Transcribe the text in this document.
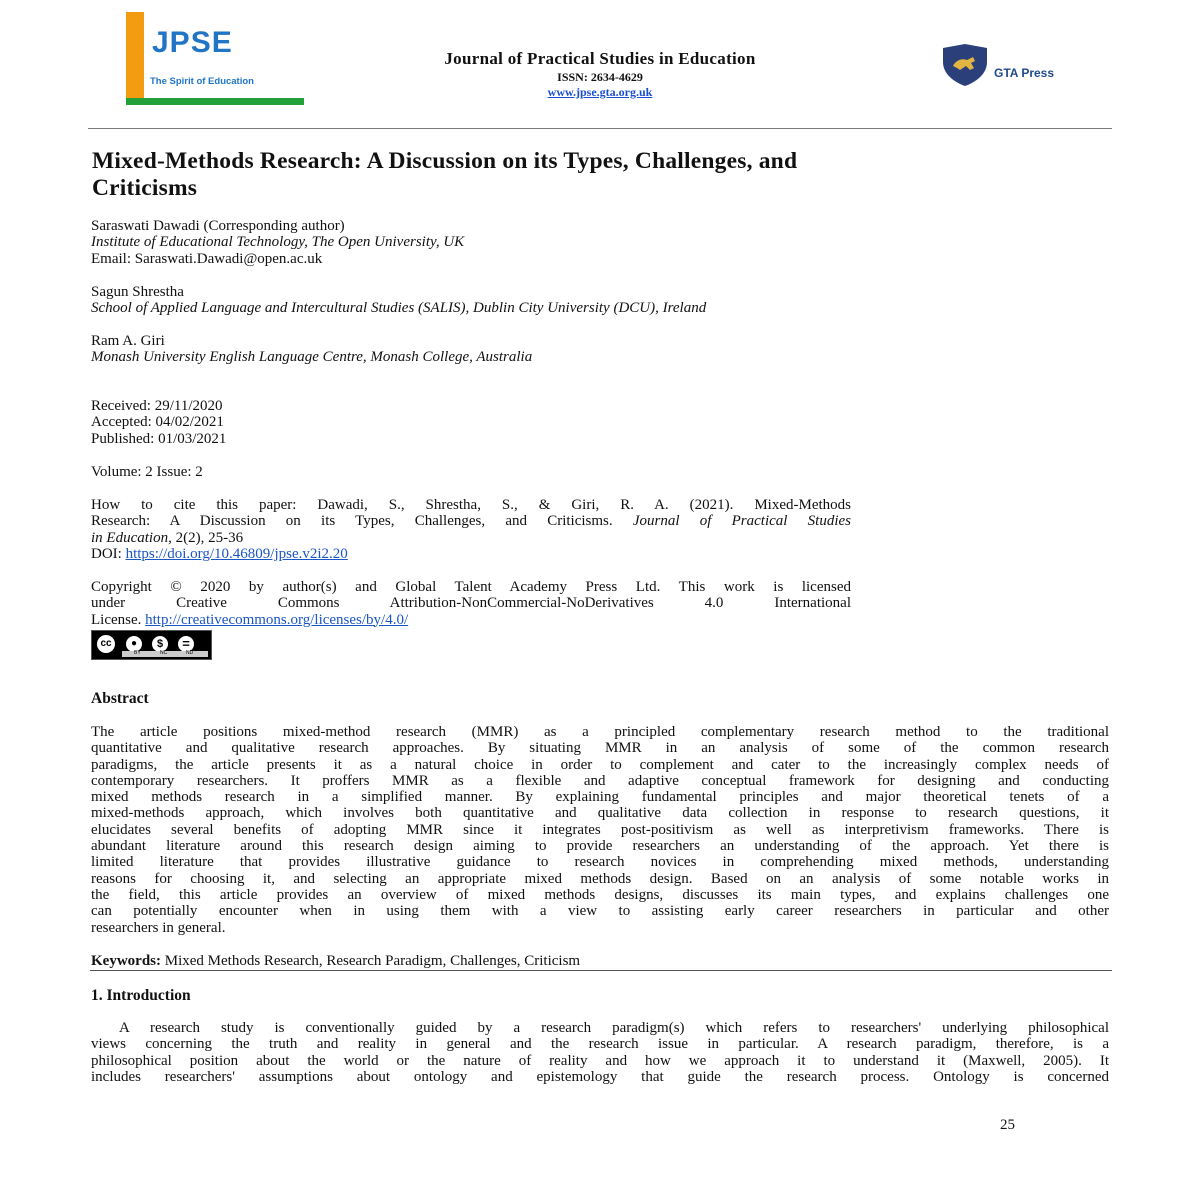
JPSE
The Spirit of Education
Journal of Practical Studies in Education
ISSN: 2634-4629
www.jpse.gta.org.uk
GTA Press
Mixed-Methods Research: A Discussion on its Types, Challenges, and
Criticisms
Saraswati Dawadi (Corresponding author)
Institute of Educational Technology, The Open University, UK
Email: Saraswati.Dawadi@open.ac.uk
Sagun Shrestha
School of Applied Language and Intercultural Studies (SALIS), Dublin City University (DCU), Ireland
Ram A. Giri
Monash University English Language Centre, Monash College, Australia
Received: 29/11/2020
Accepted: 04/02/2021
Published: 01/03/2021
Volume: 2 Issue: 2
How to cite this paper: Dawadi, S., Shrestha, S., & Giri, R. A. (2021). Mixed-Methods
Research: A Discussion on its Types, Challenges, and Criticisms. Journal of Practical Studies
in Education, 2(2), 25-36
DOI: https://doi.org/10.46809/jpse.v2i2.20
Copyright © 2020 by author(s) and Global Talent Academy Press Ltd. This work is licensed
under Creative Commons Attribution-NonCommercial-NoDerivatives 4.0 International
License. http://creativecommons.org/licenses/by/4.0/
cc	●	$	=
BY	NC	ND
Abstract
The article positions mixed-method research (MMR) as a principled complementary research method to the traditional
quantitative and qualitative research approaches. By situating MMR in an analysis of some of the common research
paradigms, the article presents it as a natural choice in order to complement and cater to the increasingly complex needs of
contemporary researchers. It proffers MMR as a flexible and adaptive conceptual framework for designing and conducting
mixed methods research in a simplified manner. By explaining fundamental principles and major theoretical tenets of a
mixed-methods approach, which involves both quantitative and qualitative data collection in response to research questions, it
elucidates several benefits of adopting MMR since it integrates post-positivism as well as interpretivism frameworks. There is
abundant literature around this research design aiming to provide researchers an understanding of the approach. Yet there is
limited literature that provides illustrative guidance to research novices in comprehending mixed methods, understanding
reasons for choosing it, and selecting an appropriate mixed methods design. Based on an analysis of some notable works in
the field, this article provides an overview of mixed methods designs, discusses its main types, and explains challenges one
can potentially encounter when in using them with a view to assisting early career researchers in particular and other
researchers in general.
Keywords: Mixed Methods Research, Research Paradigm, Challenges, Criticism
1. Introduction
A research study is conventionally guided by a research paradigm(s) which refers to researchers' underlying philosophical
views concerning the truth and reality in general and the research issue in particular. A research paradigm, therefore, is a
philosophical position about the world or the nature of reality and how we approach it to understand it (Maxwell, 2005). It
includes researchers' assumptions about ontology and epistemology that guide the research process. Ontology is concerned
25
